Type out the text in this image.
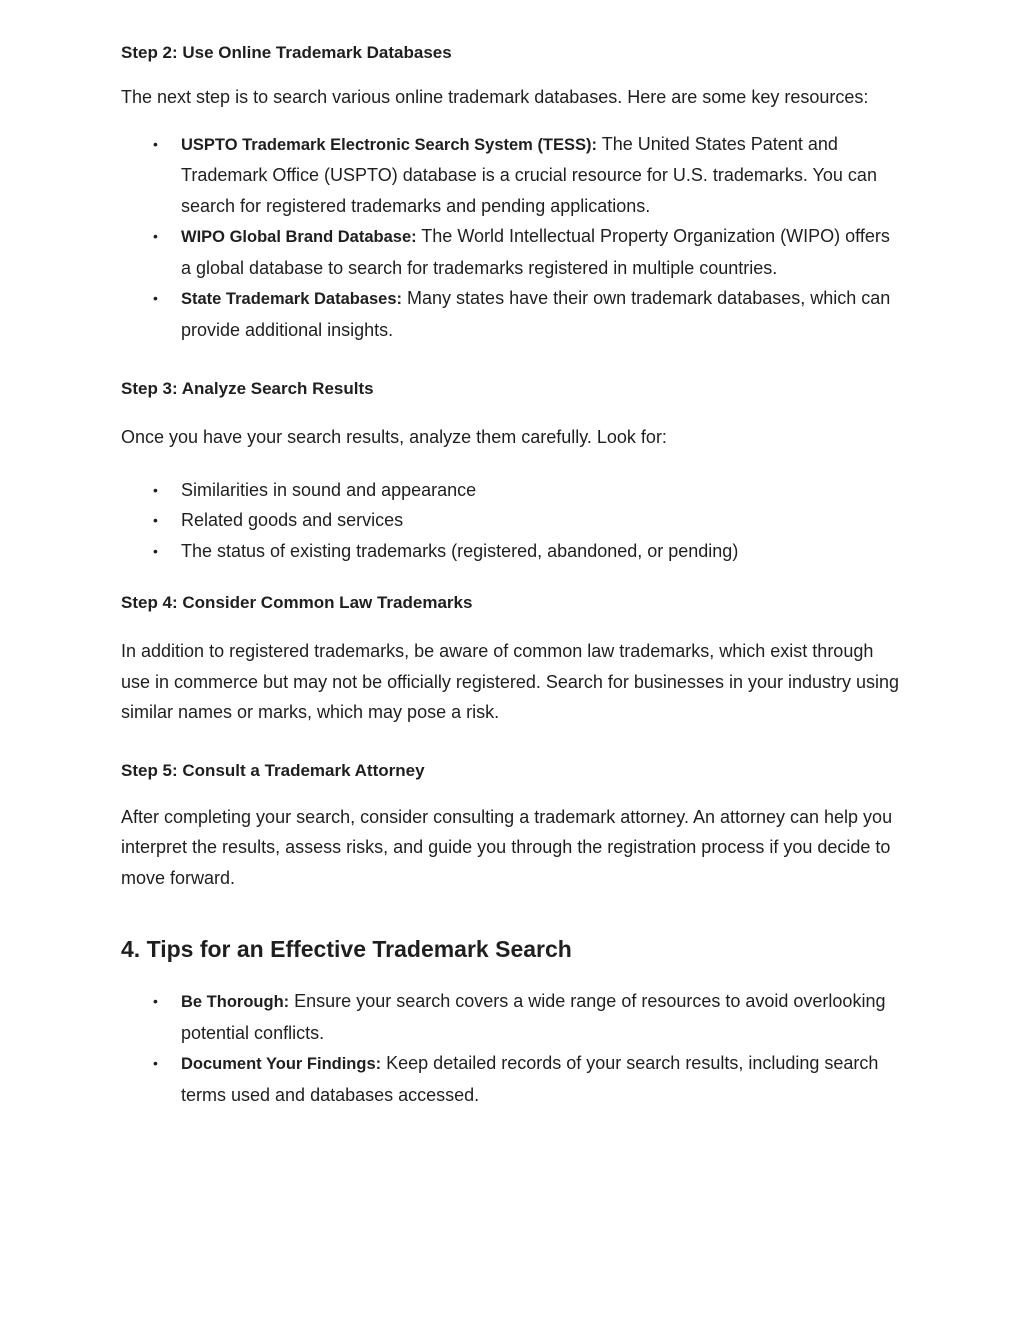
Step 2: Use Online Trademark Databases

The next step is to search various online trademark databases. Here are some key resources:

• USPTO Trademark Electronic Search System (TESS): The United States Patent and Trademark Office (USPTO) database is a crucial resource for U.S. trademarks. You can search for registered trademarks and pending applications.
• WIPO Global Brand Database: The World Intellectual Property Organization (WIPO) offers a global database to search for trademarks registered in multiple countries.
• State Trademark Databases: Many states have their own trademark databases, which can provide additional insights.
Step 3: Analyze Search Results

Once you have your search results, analyze them carefully. Look for:

• Similarities in sound and appearance
• Related goods and services
• The status of existing trademarks (registered, abandoned, or pending)
Step 4: Consider Common Law Trademarks

In addition to registered trademarks, be aware of common law trademarks, which exist through use in commerce but may not be officially registered. Search for businesses in your industry using similar names or marks, which may pose a risk.

Step 5: Consult a Trademark Attorney

After completing your search, consider consulting a trademark attorney. An attorney can help you interpret the results, assess risks, and guide you through the registration process if you decide to move forward.

4. Tips for an Effective Trademark Search
• Be Thorough: Ensure your search covers a wide range of resources to avoid overlooking potential conflicts.
• Document Your Findings: Keep detailed records of your search results, including search terms used and databases accessed.
